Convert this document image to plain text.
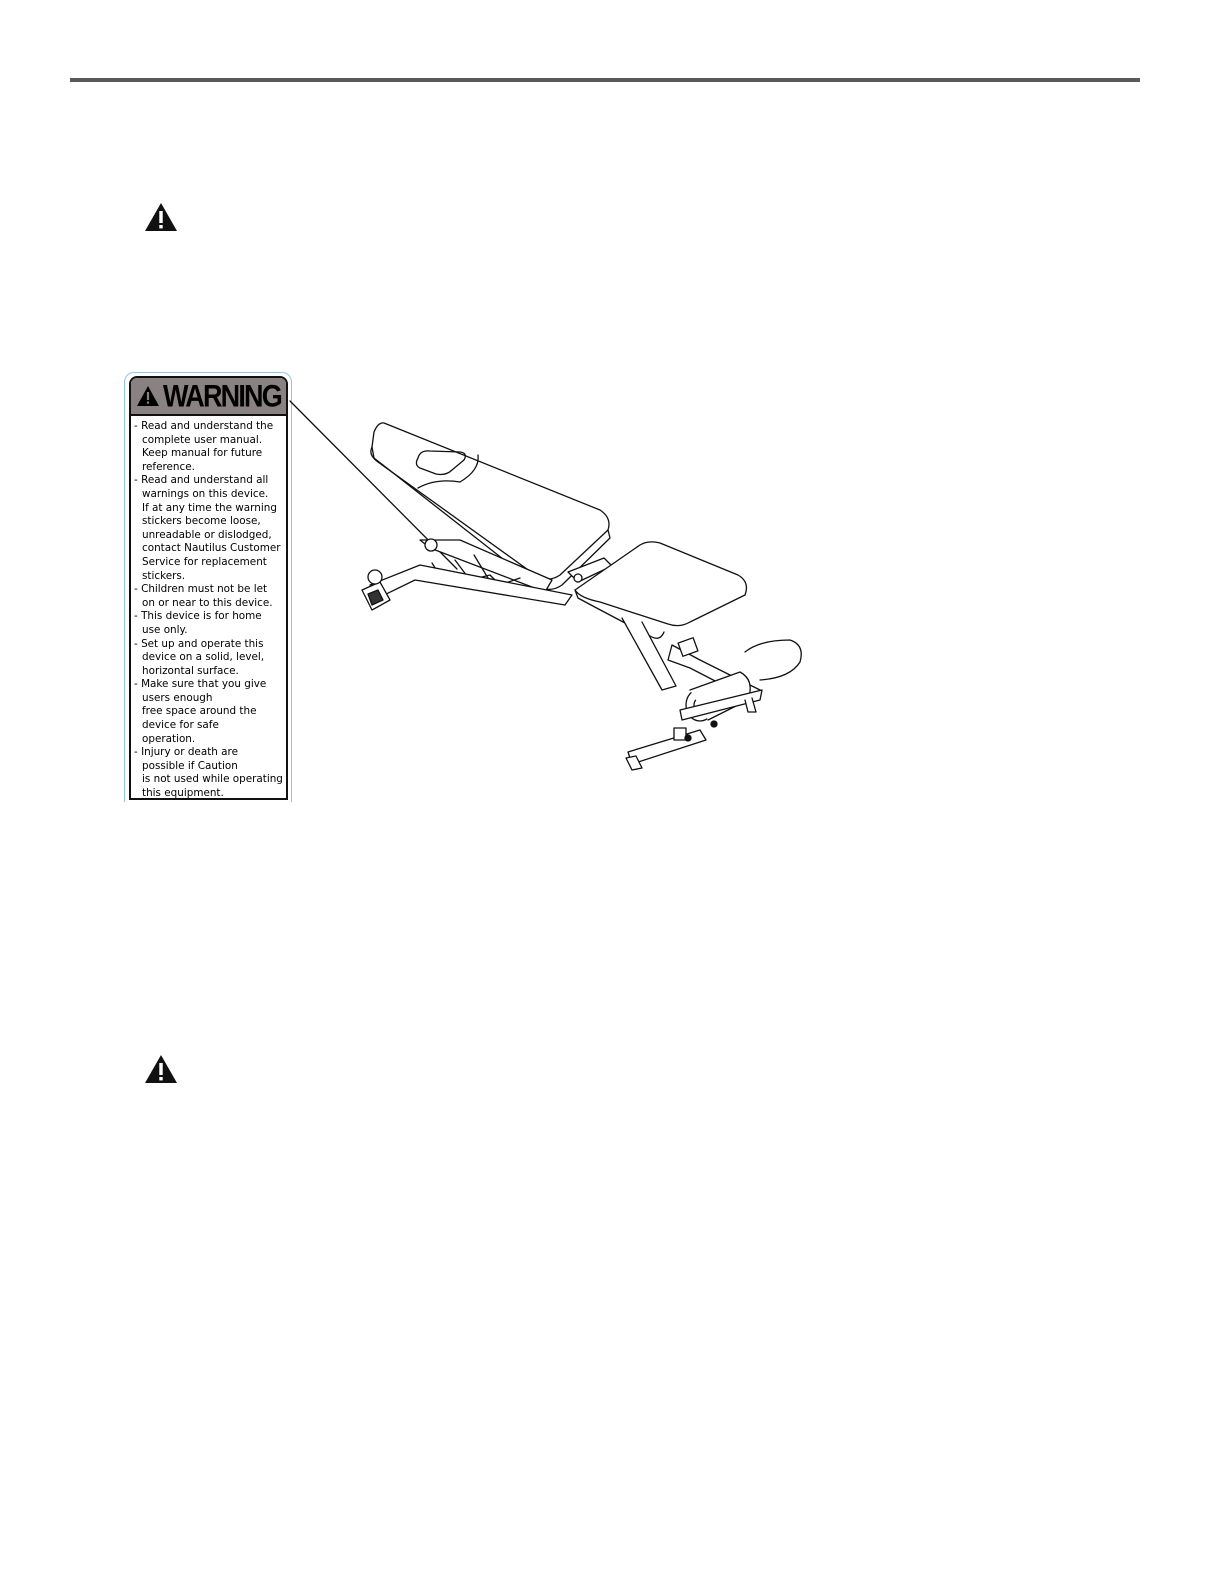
WARNING
- Read and understand the
complete user manual.
Keep manual for future
reference.
- Read and understand all
warnings on this device.
If at any time the warning
stickers become loose,
unreadable or dislodged,
contact Nautilus Customer
Service for replacement
stickers.
- Children must not be let
on or near to this device.
- This device is for home
use only.
- Set up and operate this
device on a solid, level,
horizontal surface.
- Make sure that you give
users enough
free space around the
device for safe
operation.
- Injury or death are
possible if Caution
is not used while operating
this equipment.
